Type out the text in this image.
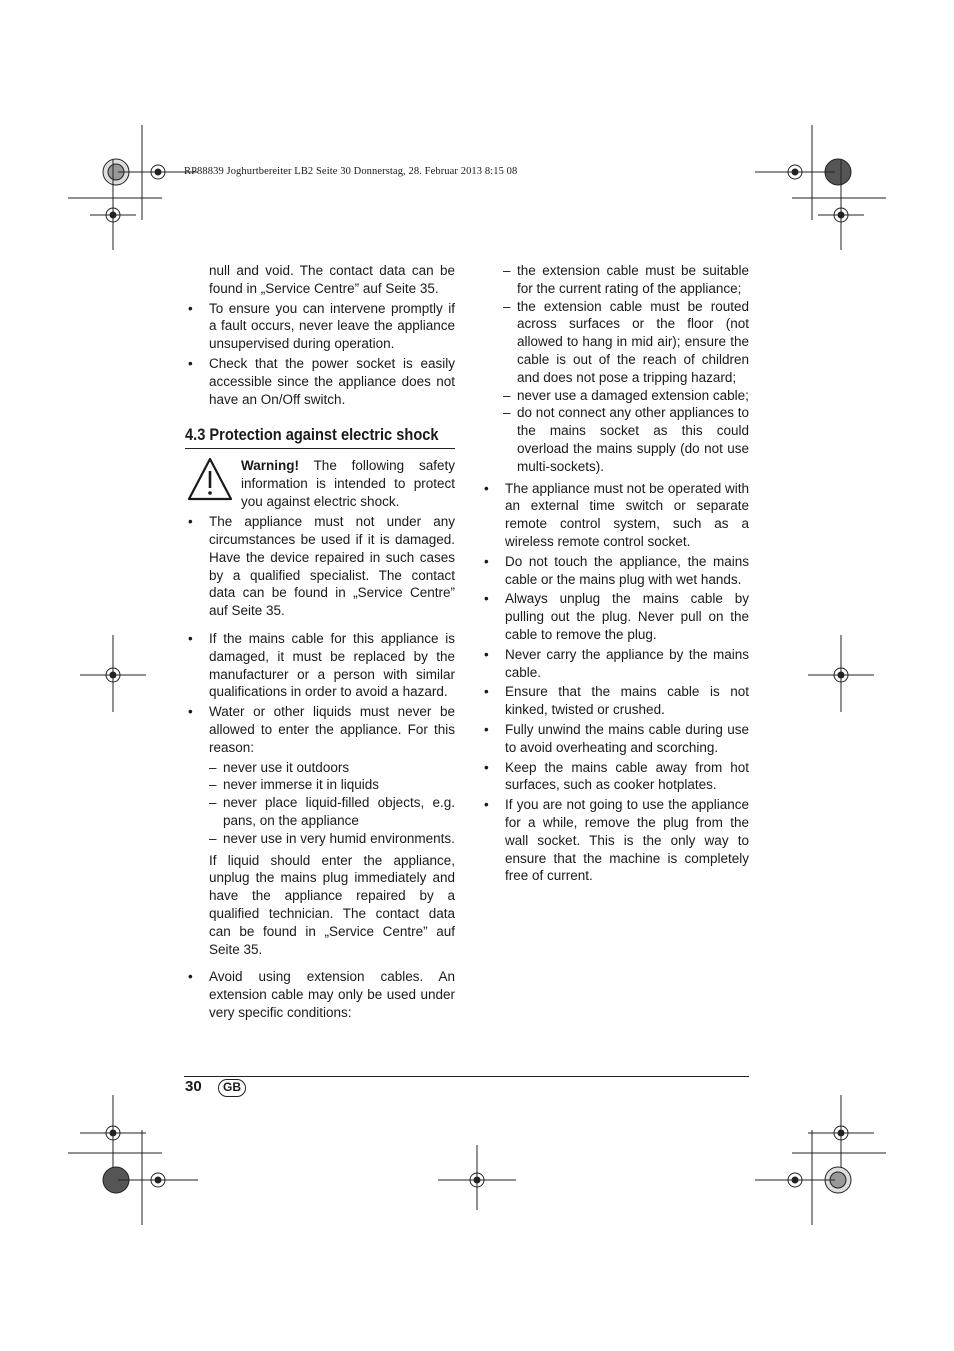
RP88839 Joghurtbereiter LB2 Seite 30 Donnerstag, 28. Februar 2013 8:15 08

null and void. The contact data can be found in „Service Centre” auf Seite 35.

• To ensure you can intervene promptly if a fault occurs, never leave the appliance unsupervised during operation.
• Check that the power socket is easily accessible since the appliance does not have an On/Off switch.
4.3 Protection against electric shock
Warning! The following safety information is intended to protect you against electric shock.
• The appliance must not under any circumstances be used if it is damaged. Have the device repaired in such cases by a qualified specialist. The contact data can be found in „Service Centre” auf Seite 35.
• If the mains cable for this appliance is damaged, it must be replaced by the manufacturer or a person with similar qualifications in order to avoid a hazard.
• Water or other liquids must never be allowed to enter the appliance. For this reason:
– never use it outdoors
– never immerse it in liquids
– never place liquid-filled objects, e.g. pans, on the appliance
– never use in very humid environments.

If liquid should enter the appliance, unplug the mains plug immediately and have the appliance repaired by a qualified technician. The contact data can be found in „Service Centre” auf Seite 35.

• Avoid using extension cables. An extension cable may only be used under very specific conditions:
– the extension cable must be suitable for the current rating of the appliance;
– the extension cable must be routed across surfaces or the floor (not allowed to hang in mid air); ensure the cable is out of the reach of children and does not pose a tripping hazard;
– never use a damaged extension cable;
– do not connect any other appliances to the mains socket as this could overload the mains supply (do not use multi-sockets).
• The appliance must not be operated with an external time switch or separate remote control system, such as a wireless remote control socket.
• Do not touch the appliance, the mains cable or the mains plug with wet hands.
• Always unplug the mains cable by pulling out the plug. Never pull on the cable to remove the plug.
• Never carry the appliance by the mains cable.
• Ensure that the mains cable is not kinked, twisted or crushed.
• Fully unwind the mains cable during use to avoid overheating and scorching.
• Keep the mains cable away from hot surfaces, such as cooker hotplates.
• If you are not going to use the appliance for a while, remove the plug from the wall socket. This is the only way to ensure that the machine is completely free of current.
30	GB
